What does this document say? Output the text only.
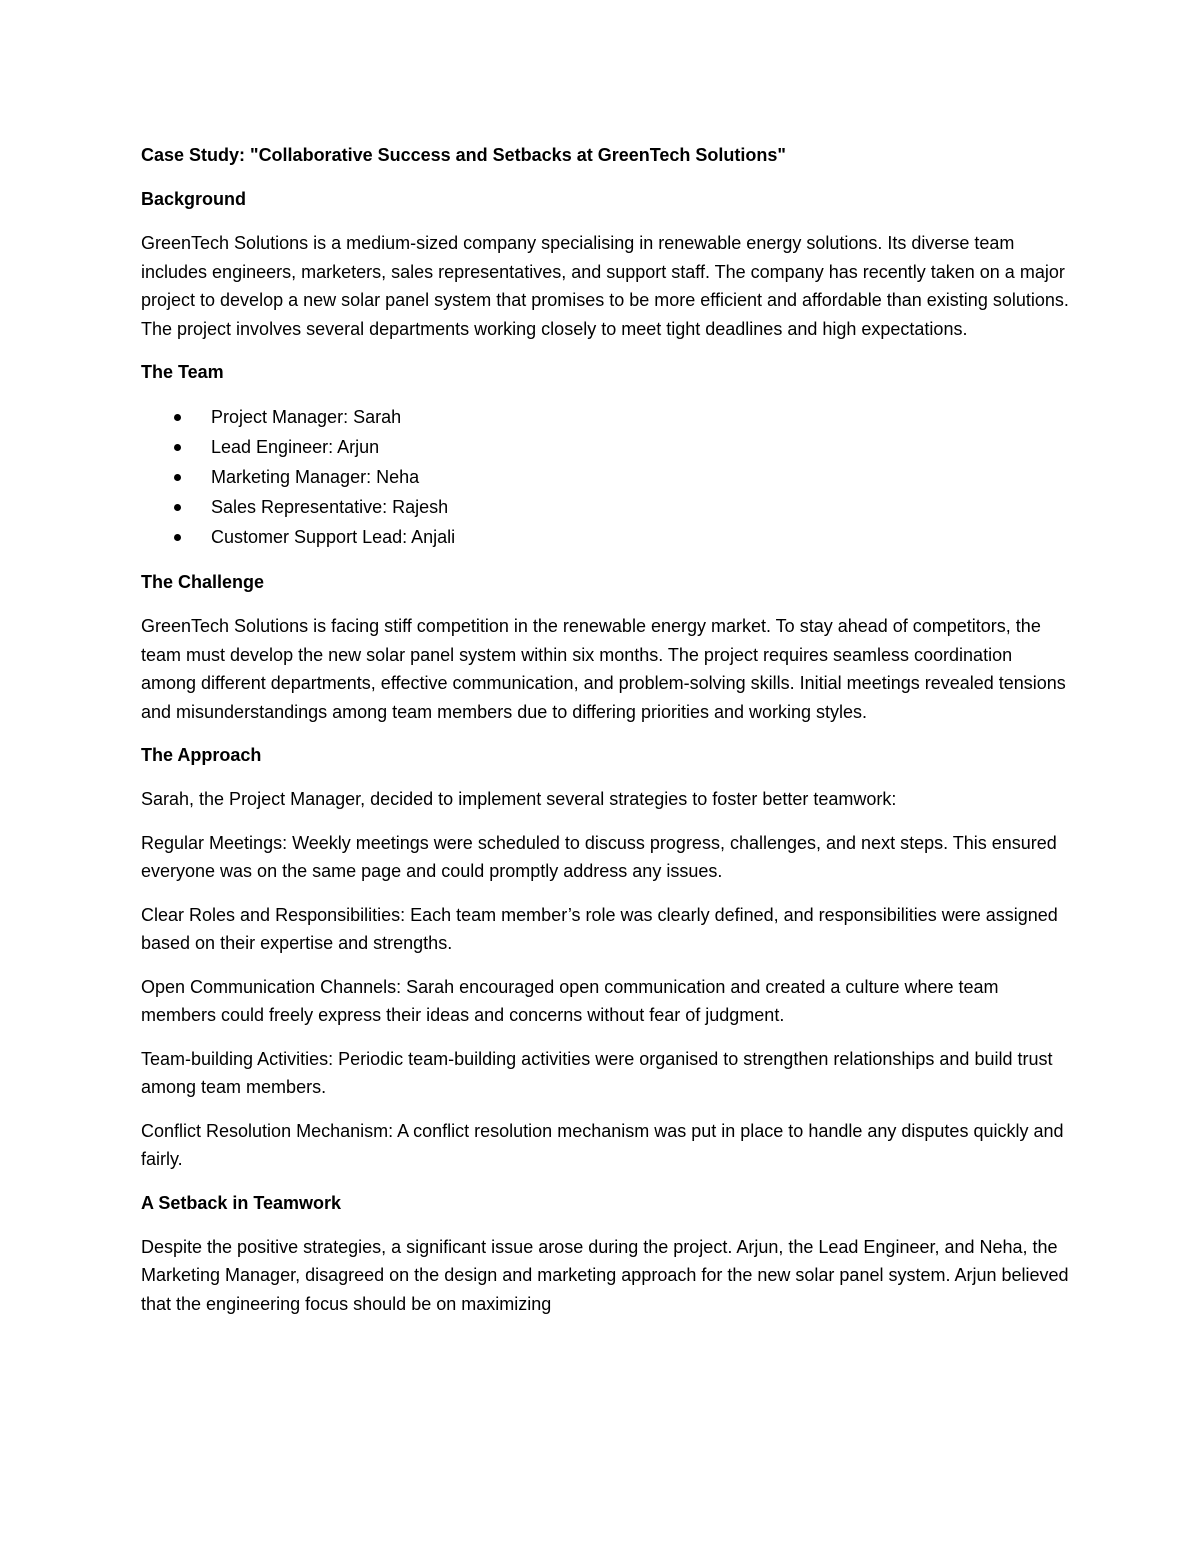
Case Study: "Collaborative Success and Setbacks at GreenTech Solutions"
Background

GreenTech Solutions is a medium-sized company specialising in renewable energy solutions. Its diverse team includes engineers, marketers, sales representatives, and support staff. The company has recently taken on a major project to develop a new solar panel system that promises to be more efficient and affordable than existing solutions. The project involves several departments working closely to meet tight deadlines and high expectations.

The Team
Project Manager: Sarah
Lead Engineer: Arjun
Marketing Manager: Neha
Sales Representative: Rajesh
Customer Support Lead: Anjali
The Challenge

GreenTech Solutions is facing stiff competition in the renewable energy market. To stay ahead of competitors, the team must develop the new solar panel system within six months. The project requires seamless coordination among different departments, effective communication, and problem-solving skills. Initial meetings revealed tensions and misunderstandings among team members due to differing priorities and working styles.

The Approach

Sarah, the Project Manager, decided to implement several strategies to foster better teamwork:

Regular Meetings: Weekly meetings were scheduled to discuss progress, challenges, and next steps. This ensured everyone was on the same page and could promptly address any issues.

Clear Roles and Responsibilities: Each team member’s role was clearly defined, and responsibilities were assigned based on their expertise and strengths.

Open Communication Channels: Sarah encouraged open communication and created a culture where team members could freely express their ideas and concerns without fear of judgment.

Team-building Activities: Periodic team-building activities were organised to strengthen relationships and build trust among team members.

Conflict Resolution Mechanism: A conflict resolution mechanism was put in place to handle any disputes quickly and fairly.

A Setback in Teamwork

Despite the positive strategies, a significant issue arose during the project. Arjun, the Lead Engineer, and Neha, the Marketing Manager, disagreed on the design and marketing approach for the new solar panel system. Arjun believed that the engineering focus should be on maximizing
